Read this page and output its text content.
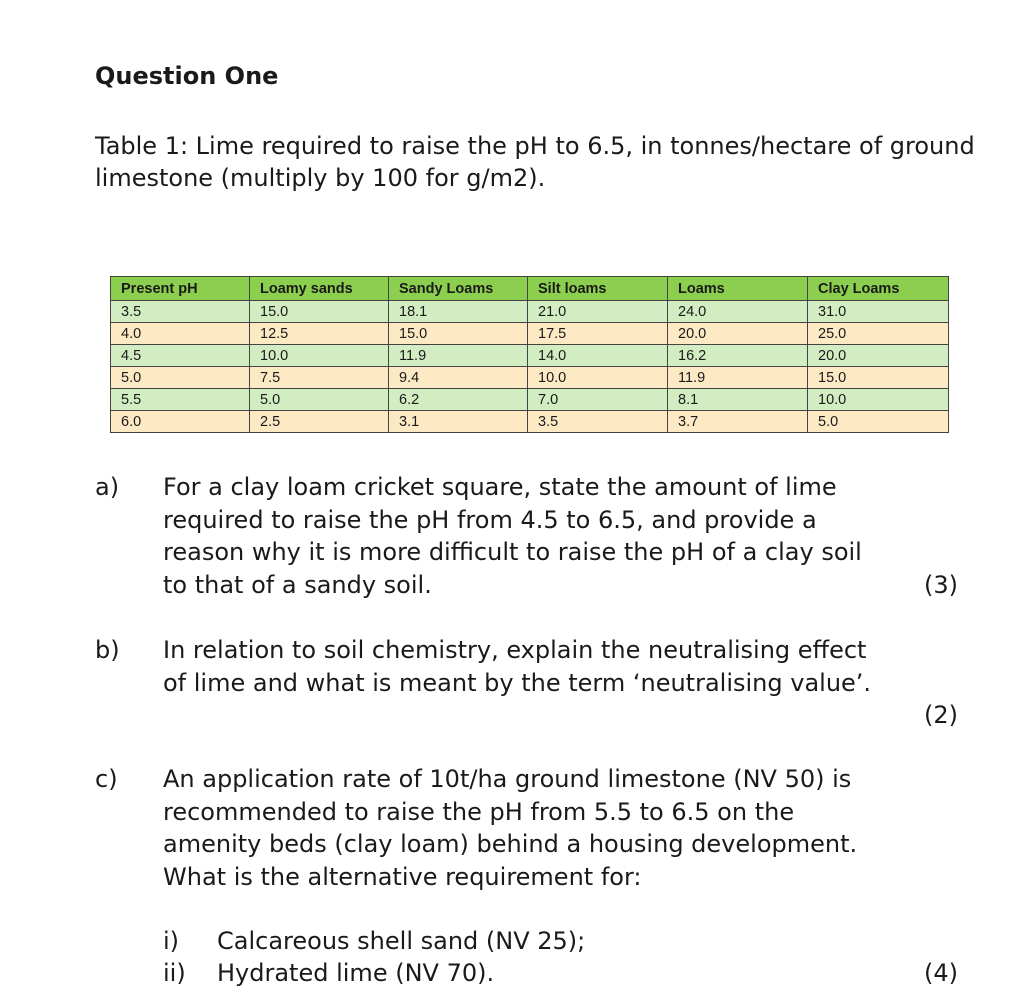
Question One
Table 1: Lime required to raise the pH to 6.5, in tonnes/hectare of ground limestone (multiply by 100 for g/m2).
Present pH	Loamy sands	Sandy Loams	Silt loams	Loams	Clay Loams
3.5	15.0	18.1	21.0	24.0	31.0
4.0	12.5	15.0	17.5	20.0	25.0
4.5	10.0	11.9	14.0	16.2	20.0
5.0	7.5	9.4	10.0	11.9	15.0
5.5	5.0	6.2	7.0	8.1	10.0
6.0	2.5	3.1	3.5	3.7	5.0
a)	For a clay loam cricket square, state the amount of lime
required to raise the pH from 4.5 to 6.5, and provide a
reason why it is more difficult to raise the pH of a clay soil
to that of a sandy soil.	(3)
b)	In relation to soil chemistry, explain the neutralising effect
of lime and what is meant by the term ‘neutralising value’.
(2)
c)	An application rate of 10t/ha ground limestone (NV 50) is
recommended to raise the pH from 5.5 to 6.5 on the
amenity beds (clay loam) behind a housing development.
What is the alternative requirement for:
i) Calcareous shell sand (NV 25);
ii) Hydrated lime (NV 70).	(4)
